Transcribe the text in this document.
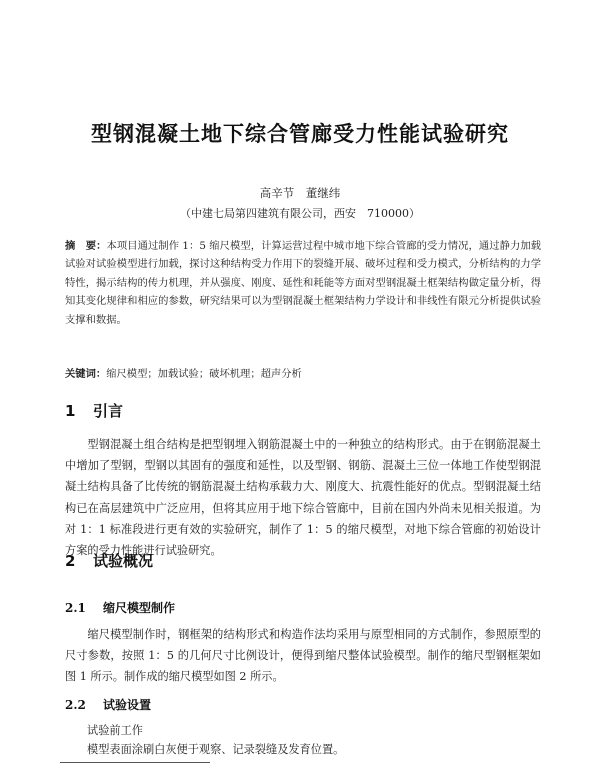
型钢混凝土地下综合管廊受力性能试验研究
高辛节　董继纬
（中建七局第四建筑有限公司，西安　710000）
摘　要：本项目通过制作 1：5 缩尺模型，计算运营过程中城市地下综合管廊的受力情况，通过静力加载试验对试验模型进行加载，探讨这种结构受力作用下的裂缝开展、破坏过程和受力模式，分析结构的力学特性，揭示结构的传力机理，并从强度、刚度、延性和耗能等方面对型钢混凝土框架结构做定量分析，得知其变化规律和相应的参数，研究结果可以为型钢混凝土框架结构力学设计和非线性有限元分析提供试验支撑和数据。
关键词：缩尺模型；加载试验；破坏机理；超声分析
1 引言
型钢混凝土组合结构是把型钢埋入钢筋混凝土中的一种独立的结构形式。由于在钢筋混凝土中增加了型钢，型钢以其固有的强度和延性，以及型钢、钢筋、混凝土三位一体地工作使型钢混凝土结构具备了比传统的钢筋混凝土结构承载力大、刚度大、抗震性能好的优点。型钢混凝土结构已在高层建筑中广泛应用，但将其应用于地下综合管廊中，目前在国内外尚未见相关报道。为对 1：1 标准段进行更有效的实验研究，制作了 1：5 的缩尺模型，对地下综合管廊的初始设计方案的受力性能进行试验研究。
2 试验概况
2.1 缩尺模型制作
缩尺模型制作时，钢框架的结构形式和构造作法均采用与原型相同的方式制作，参照原型的尺寸参数，按照 1：5 的几何尺寸比例设计，便得到缩尺整体试验模型。制作的缩尺型钢框架如图 1 所示。制作成的缩尺模型如图 2 所示。
2.2 试验设置
试验前工作
模型表面涂刷白灰便于观察、记录裂缝及发育位置。
